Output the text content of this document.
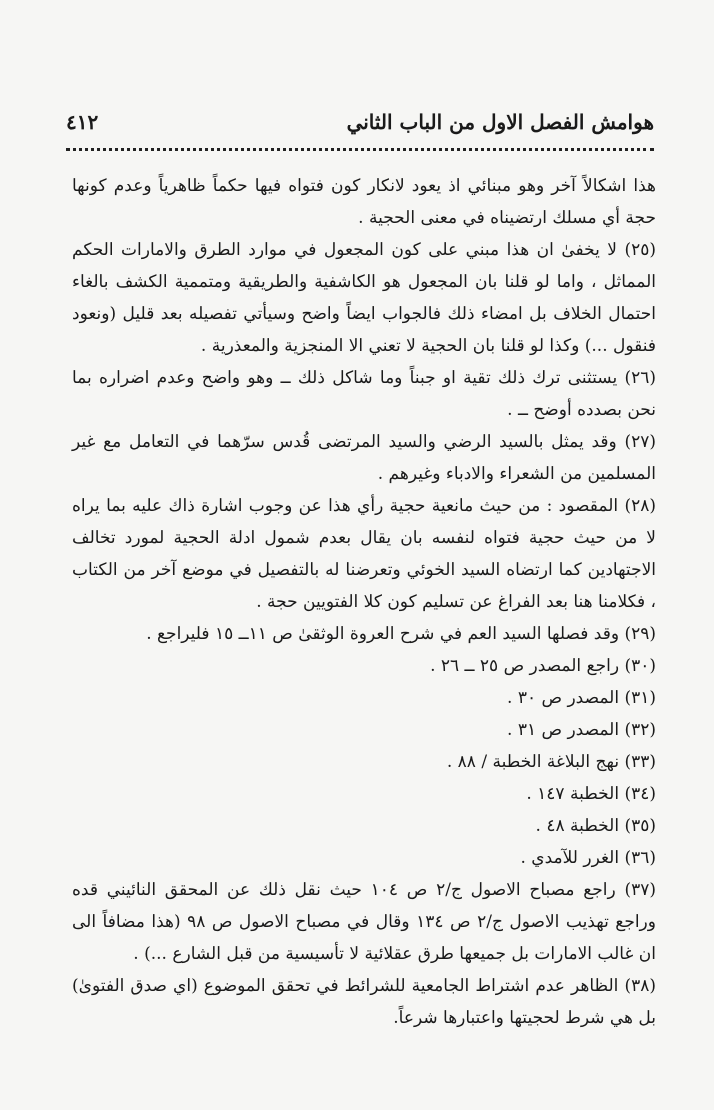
هوامش الفصل الاول من الباب الثاني
٤١٢

هذا اشكالاً آخر وهو مبنائي اذ يعود لانكار كون فتواه فيها حكماً ظاهرياً وعدم كونها حجة أي مسلك ارتضيناه في معنى الحجية .

(٢٥) لا يخفىٰ ان هذا مبني على كون المجعول في موارد الطرق والامارات الحكم المماثل ، واما لو قلنا بان المجعول هو الكاشفية والطريقية ومتممية الكشف بالغاء احتمال الخلاف بل امضاء ذلك فالجواب ايضاً واضح وسيأتي تفصيله بعد قليل (ونعود فنقول ...) وكذا لو قلنا بان الحجية لا تعني الا المنجزية والمعذرية .

(٢٦) يستثنى ترك ذلك تقية او جبناً وما شاكل ذلك ــ وهو واضح وعدم اضراره بما نحن بصدده أوضح ــ .

(٢٧) وقد يمثل بالسيد الرضي والسيد المرتضى قُدس سرّهما في التعامل مع غير المسلمين من الشعراء والادباء وغيرهم .

(٢٨) المقصود : من حيث مانعية حجية رأي هذا عن وجوب اشارة ذاك عليه بما يراه لا من حيث حجية فتواه لنفسه بان يقال بعدم شمول ادلة الحجية لمورد تخالف الاجتهادين كما ارتضاه السيد الخوئي وتعرضنا له بالتفصيل في موضع آخر من الكتاب ، فكلامنا هنا بعد الفراغ عن تسليم كون كلا الفتويين حجة .

(٢٩) وقد فصلها السيد العم في شرح العروة الوثقىٰ ص ١١ــ ١٥ فليراجع .

(٣٠) راجع المصدر ص ٢٥ ــ ٢٦ .

(٣١) المصدر ص ٣٠ .

(٣٢) المصدر ص ٣١ .

(٣٣) نهج البلاغة الخطبة / ٨٨ .

(٣٤) الخطبة ١٤٧ .

(٣٥) الخطبة ٤٨ .

(٣٦) الغرر للآمدي .

(٣٧) راجع مصباح الاصول ج/٢ ص ١٠٤ حيث نقل ذلك عن المحقق النائيني قده وراجع تهذيب الاصول ج/٢ ص ١٣٤ وقال في مصباح الاصول ص ٩٨ (هذا مضافاً الى ان غالب الامارات بل جميعها طرق عقلائية لا تأسيسية من قبل الشارع ...) .

(٣٨) الظاهر عدم اشتراط الجامعية للشرائط في تحقق الموضوع (اي صدق الفتوىٰ) بل هي شرط لحجيتها واعتبارها شرعاً.
